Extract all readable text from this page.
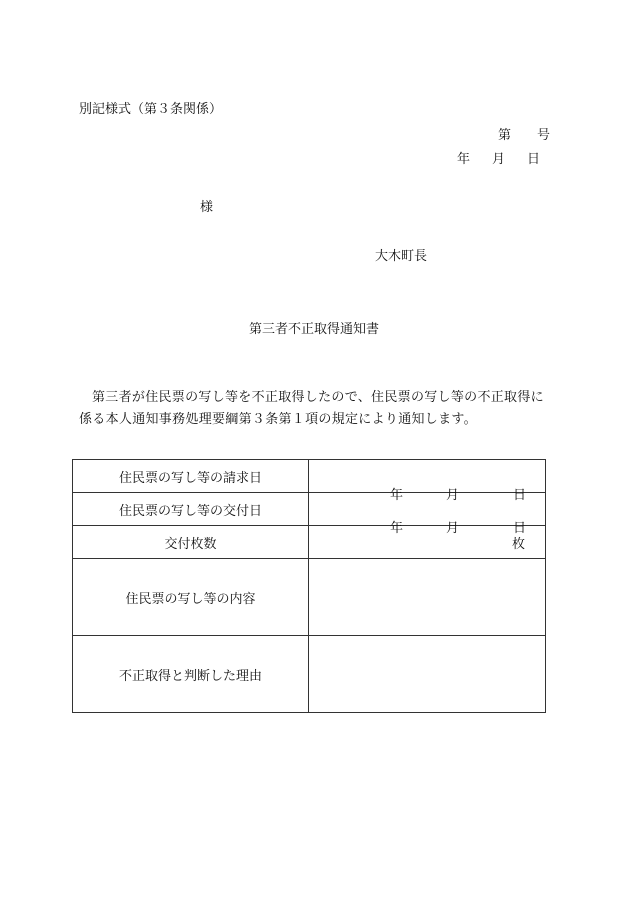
別記様式（第３条関係）
第 号
年 月 日
様
大木町長
第三者不正取得通知書
第三者が住民票の写し等を不正取得したので、住民票の写し等の不正取得に係る本人通知事務処理要綱第３条第１項の規定により通知します。
住民票の写し等の請求日	年 月 日

住民票の写し等の交付日	年 月 日

交付枚数	枚
住民票の写し等の内容	
不正取得と判断した理由	
